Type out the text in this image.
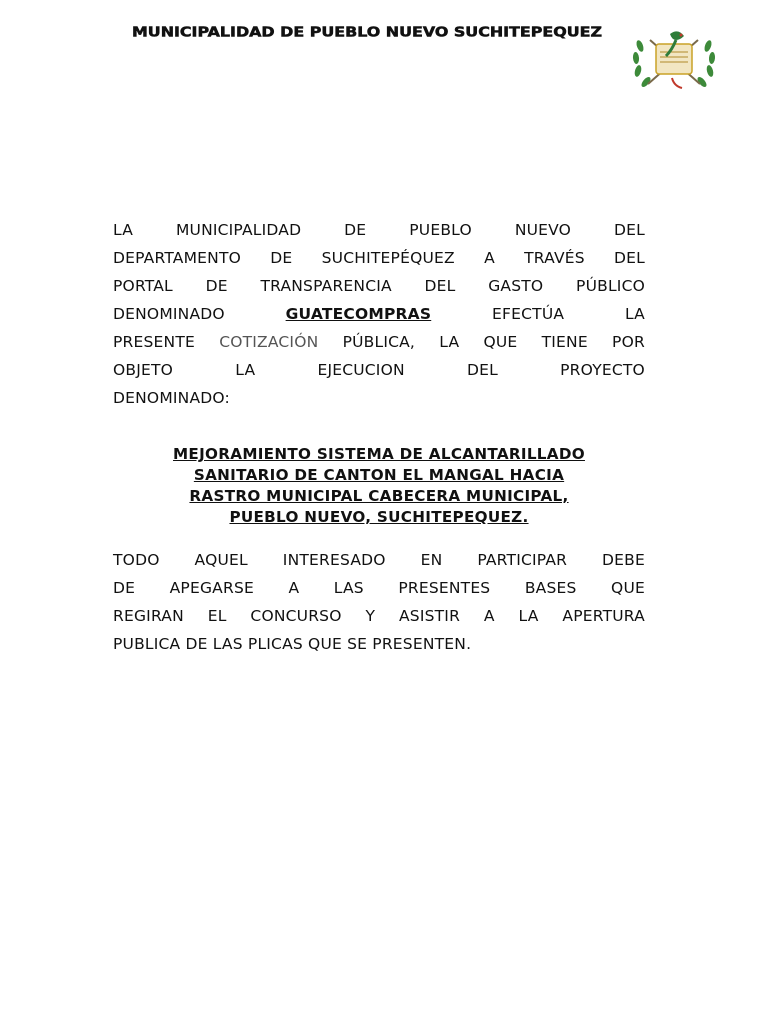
MUNICIPALIDAD DE PUEBLO NUEVO SUCHITEPEQUEZ
LA	MUNICIPALIDAD	DE	PUEBLO	NUEVO	DEL
DEPARTAMENTO DE SUCHITEPÉQUEZ A TRAVÉS DEL
PORTAL DE TRANSPARENCIA DEL GASTO PÚBLICO
DENOMINADO	GUATECOMPRAS	EFECTÚA	LA
PRESENTE COTIZACIÓN PÚBLICA, LA QUE TIENE POR
OBJETO	LA	EJECUCION	DEL	PROYECTO
DENOMINADO:
MEJORAMIENTO SISTEMA DE ALCANTARILLADO
SANITARIO DE CANTON EL MANGAL HACIA
RASTRO MUNICIPAL CABECERA MUNICIPAL,
PUEBLO NUEVO, SUCHITEPEQUEZ.
TODO AQUEL INTERESADO EN PARTICIPAR DEBE
DE APEGARSE A LAS PRESENTES BASES QUE
REGIRAN EL CONCURSO Y ASISTIR A LA APERTURA
PUBLICA DE LAS PLICAS QUE SE PRESENTEN.
